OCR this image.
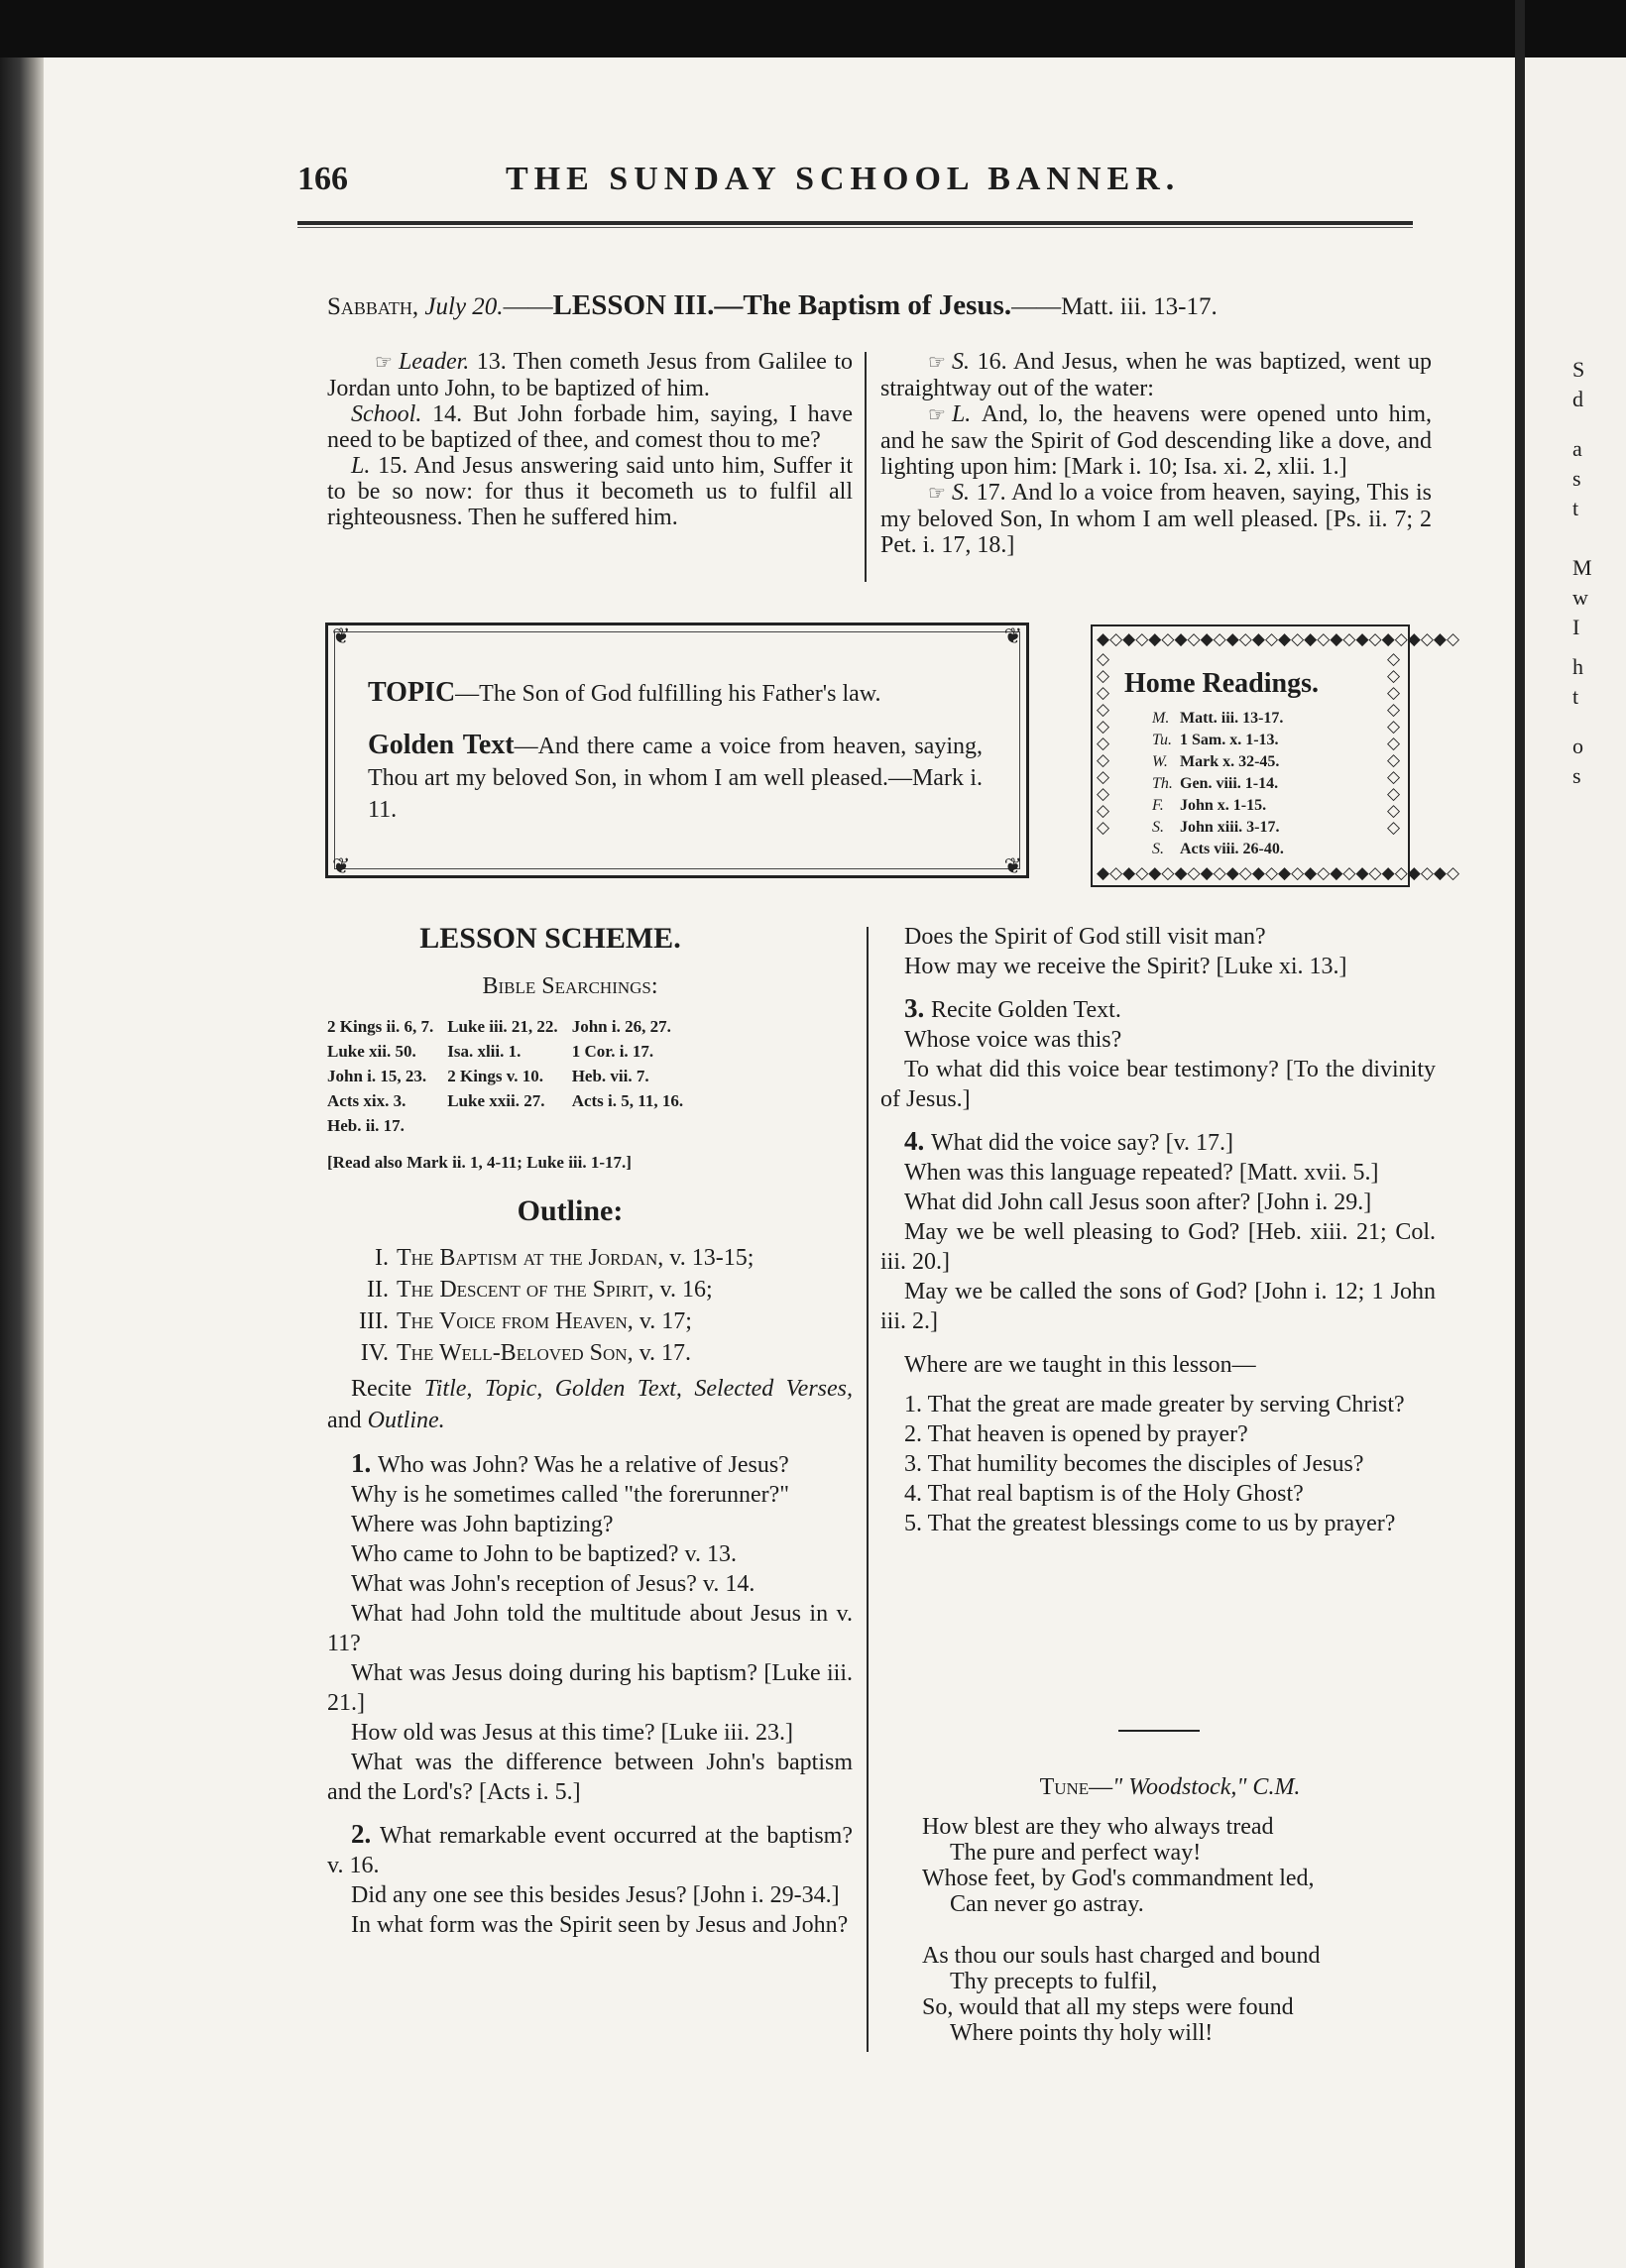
S
d
a
s
t
M
w
I
h
t
o
s
166	THE SUNDAY SCHOOL BANNER.
Sabbath, July 20.——LESSON III.—The Baptism of Jesus.——Matt. iii. 13-17.

☞ Leader. 13. Then cometh Jesus from Galilee to Jordan unto John, to be baptized of him.

School. 14. But John forbade him, saying, I have need to be baptized of thee, and comest thou to me?

L. 15. And Jesus answering said unto him, Suffer it to be so now: for thus it becometh us to fulfil all righteousness. Then he suffered him.

☞ S. 16. And Jesus, when he was baptized, went up straightway out of the water:

☞ L. And, lo, the heavens were opened unto him, and he saw the Spirit of God descending like a dove, and lighting upon him: [Mark i. 10; Isa. xi. 2, xlii. 1.]

☞ S. 17. And lo a voice from heaven, saying, This is my beloved Son, In whom I am well pleased. [Ps. ii. 7; 2 Pet. i. 17, 18.]

❦	❦
❦	❦

TOPIC—The Son of God fulfilling his Father's law.

Golden Text—And there came a voice from heaven, saying, Thou art my beloved Son, in whom I am well pleased.—Mark i. 11.

◆◇◆◇◆◇◆◇◆◇◆◇◆◇◆◇◆◇◆◇◆◇◆◇◆◇◆◇
◆◇◆◇◆◇◆◇◆◇◆◇◆◇◆◇◆◇◆◇◆◇◆◇◆◇◆◇
◇ ◇ ◇ ◇ ◇ ◇ ◇ ◇ ◇ ◇ ◇
◇ ◇ ◇ ◇ ◇ ◇ ◇ ◇ ◇ ◇ ◇
Home Readings.
M. Matt. iii. 13-17.
Tu. 1 Sam. x. 1-13.
W. Mark x. 32-45.
Th. Gen. viii. 1-14.
F. John x. 1-15.
S. John xiii. 3-17.
S. Acts viii. 26-40.
LESSON SCHEME.
Bible Searchings:
2 Kings ii. 6, 7.	Luke iii. 21, 22.	John i. 26, 27.
Luke xii. 50.	Isa. xlii. 1.	1 Cor. i. 17.
John i. 15, 23.	2 Kings v. 10.	Heb. vii. 7.
Acts xix. 3.	Luke xxii. 27.	Acts i. 5, 11, 16.
Heb. ii. 17.		
[Read also Mark ii. 1, 4-11; Luke iii. 1-17.]
Outline:
I.The Baptism at the Jordan, v. 13-15;
II.The Descent of the Spirit, v. 16;
III.The Voice from Heaven, v. 17;
IV.The Well-Beloved Son, v. 17.

Recite Title, Topic, Golden Text, Selected Verses, and Outline.

1. Who was John? Was he a relative of Jesus?

Why is he sometimes called "the forerunner?"

Where was John baptizing?

Who came to John to be baptized? v. 13.

What was John's reception of Jesus? v. 14.

What had John told the multitude about Jesus in v. 11?

What was Jesus doing during his baptism? [Luke iii. 21.]

How old was Jesus at this time? [Luke iii. 23.]

What was the difference between John's baptism and the Lord's? [Acts i. 5.]

2. What remarkable event occurred at the baptism? v. 16.

Did any one see this besides Jesus? [John i. 29-34.]

In what form was the Spirit seen by Jesus and John?

Does the Spirit of God still visit man?

How may we receive the Spirit? [Luke xi. 13.]

3. Recite Golden Text.

Whose voice was this?

To what did this voice bear testimony? [To the divinity of Jesus.]

4. What did the voice say? [v. 17.]

When was this language repeated? [Matt. xvii. 5.]

What did John call Jesus soon after? [John i. 29.]

May we be well pleasing to God? [Heb. xiii. 21; Col. iii. 20.]

May we be called the sons of God? [John i. 12; 1 John iii. 2.]

Where are we taught in this lesson—

1. That the great are made greater by serving Christ?

2. That heaven is opened by prayer?

3. That humility becomes the disciples of Jesus?

4. That real baptism is of the Holy Ghost?

5. That the greatest blessings come to us by prayer?

Tune—" Woodstock," C.M.
How blest are they who always tread
The pure and perfect way!
Whose feet, by God's commandment led,
Can never go astray.

As thou our souls hast charged and bound
Thy precepts to fulfil,
So, would that all my steps were found
Where points thy holy will!
